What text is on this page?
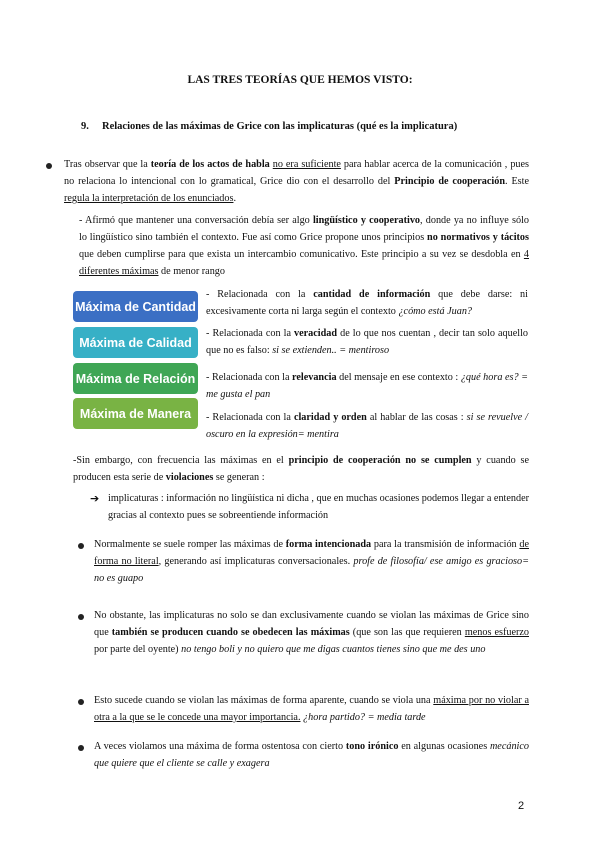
LAS TRES TEORÍAS QUE HEMOS VISTO:
9. Relaciones de las máximas de Grice con las implicaturas (qué es la implicatura)
Tras observar que la teoría de los actos de habla no era suficiente para hablar acerca de la comunicación , pues no relaciona lo intencional con lo gramatical, Grice dio con el desarrollo del Principio de cooperación. Este regula la interpretación de los enunciados.
- Afirmó que mantener una conversación debía ser algo lingüístico y cooperativo, donde ya no influye sólo lo lingüístico sino también el contexto. Fue así como Grice propone unos principios no normativos y tácitos que deben cumplirse para que exista un intercambio comunicativo. Este principio a su vez se desdobla en 4 diferentes máximas de menor rango
Máxima de Cantidad
Máxima de Calidad
Máxima de Relación
Máxima de Manera
- Relacionada con la cantidad de información que debe darse: ni excesivamente corta ni larga según el contexto ¿cómo está Juan?
- Relacionada con la veracidad de lo que nos cuentan , decir tan solo aquello que no es falso: si se extienden.. = mentiroso
- Relacionada con la relevancia del mensaje en ese contexto : ¿qué hora es? = me gusta el pan
- Relacionada con la claridad y orden al hablar de las cosas : si se revuelve / oscuro en la expresión= mentira
-Sin embargo, con frecuencia las máximas en el principio de cooperación no se cumplen y cuando se producen esta serie de violaciones se generan :
➔ implicaturas : información no lingüística ni dicha , que en muchas ocasiones podemos llegar a entender gracias al contexto pues se sobreentiende información
Normalmente se suele romper las máximas de forma intencionada para la transmisión de información de forma no literal, generando así implicaturas conversacionales. profe de filosofía/ ese amigo es gracioso= no es guapo
No obstante, las implicaturas no solo se dan exclusivamente cuando se violan las máximas de Grice sino que también se producen cuando se obedecen las máximas (que son las que requieren menos esfuerzo por parte del oyente) no tengo boli y no quiero que me digas cuantos tienes sino que me des uno
Esto sucede cuando se violan las máximas de forma aparente, cuando se viola una máxima por no violar a otra a la que se le concede una mayor importancia. ¿hora partido? = media tarde
A veces violamos una máxima de forma ostentosa con cierto tono irónico en algunas ocasiones mecánico que quiere que el cliente se calle y exagera
2
